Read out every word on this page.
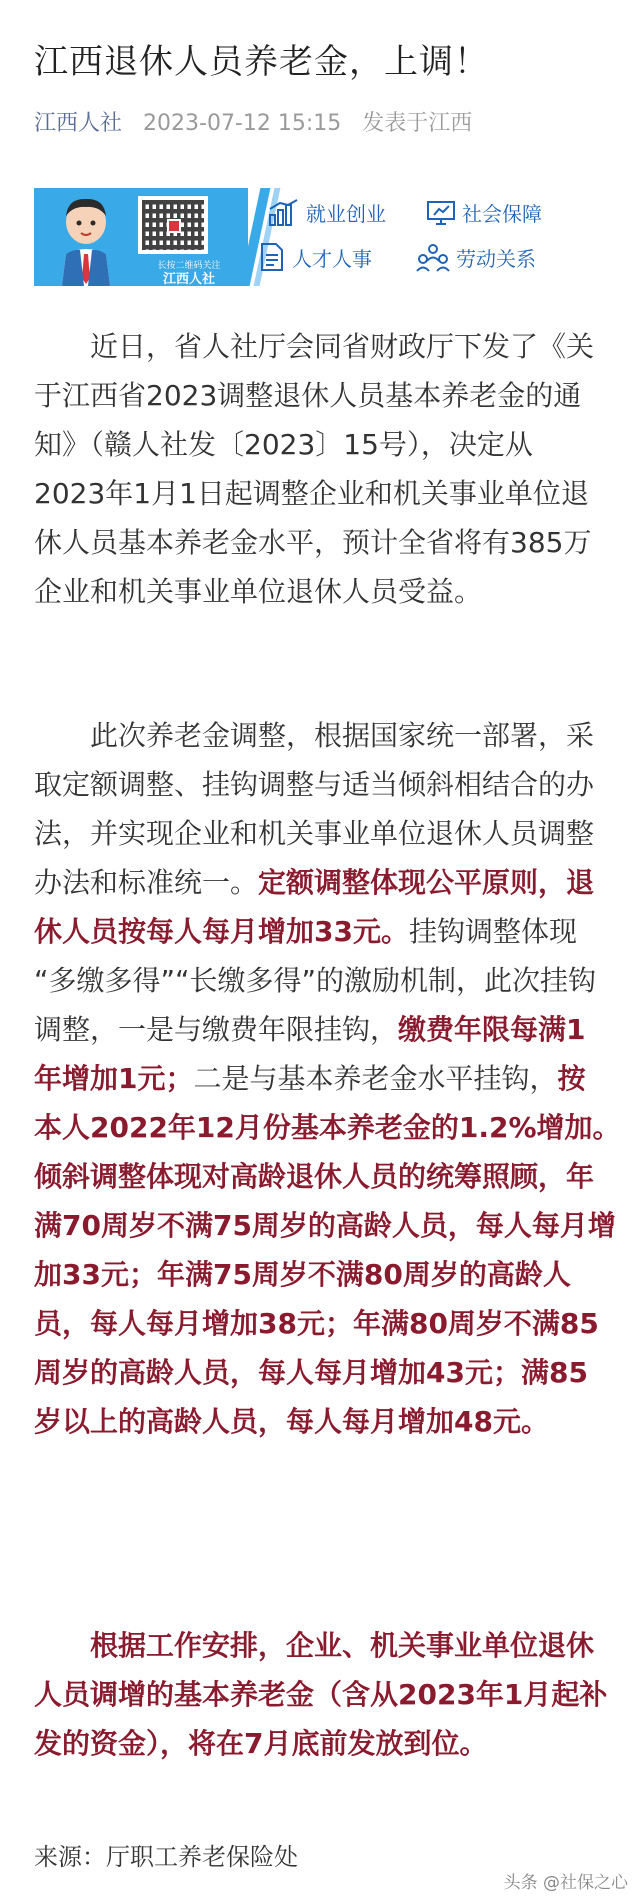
江西退休人员养老金，上调！
江西人社 2023-07-12 15:15 发表于江西
长按二维码关注
江西人社
就业创业	社会保障
人才人事	劳动关系
近日，省人社厅会同省财政厅下发了《关
于江西省2023调整退休人员基本养老金的通
知》（赣人社发〔2023〕15号），决定从
2023年1月1日起调整企业和机关事业单位退
休人员基本养老金水平，预计全省将有385万
企业和机关事业单位退休人员受益。
此次养老金调整，根据国家统一部署，采
取定额调整、挂钩调整与适当倾斜相结合的办
法，并实现企业和机关事业单位退休人员调整
办法和标准统一。定额调整体现公平原则，退
休人员按每人每月增加33元。挂钩调整体现
“多缴多得”“长缴多得”的激励机制，此次挂钩
调整，一是与缴费年限挂钩，缴费年限每满1
年增加1元；二是与基本养老金水平挂钩，按
本人2022年12月份基本养老金的1.2%增加。
倾斜调整体现对高龄退休人员的统筹照顾，年
满70周岁不满75周岁的高龄人员，每人每月增
加33元；年满75周岁不满80周岁的高龄人
员，每人每月增加38元；年满80周岁不满85
周岁的高龄人员，每人每月增加43元；满85
岁以上的高龄人员，每人每月增加48元。
根据工作安排，企业、机关事业单位退休
人员调增的基本养老金（含从2023年1月起补
发的资金），将在7月底前发放到位。
来源：厅职工养老保险处
头条 @社保之心
